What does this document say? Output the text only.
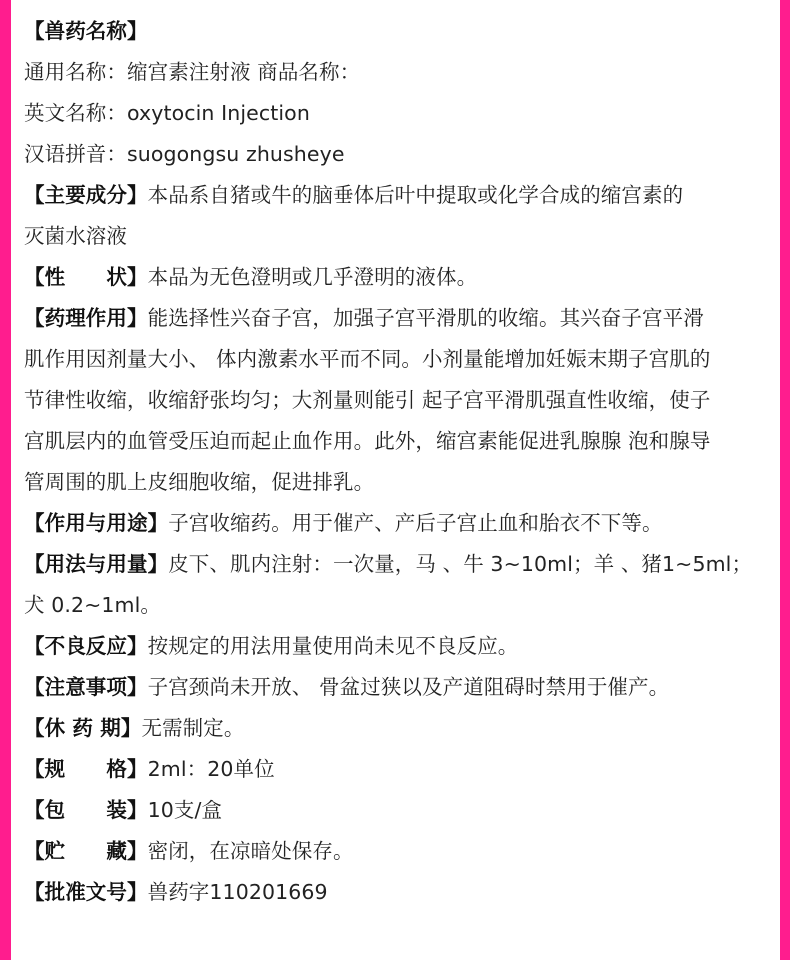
【兽药名称】
通用名称：缩宫素注射液 商品名称：
英文名称：oxytocin Injection
汉语拼音：suogongsu zhusheye
【主要成分】本品系自猪或牛的脑垂体后叶中提取或化学合成的缩宫素的
灭菌水溶液
【性　　状】本品为无色澄明或几乎澄明的液体。
【药理作用】能选择性兴奋子宫，加强子宫平滑肌的收缩。其兴奋子宫平滑
肌作用因剂量大小、 体内激素水平而不同。小剂量能增加妊娠末期子宫肌的
节律性收缩，收缩舒张均匀；大剂量则能引 起子宫平滑肌强直性收缩，使子
宫肌层内的血管受压迫而起止血作用。此外，缩宫素能促进乳腺腺 泡和腺导
管周围的肌上皮细胞收缩，促进排乳。
【作用与用途】子宫收缩药。用于催产、产后子宫止血和胎衣不下等。
【用法与用量】皮下、肌内注射：一次量，马 、牛 3~10ml；羊 、猪1~5ml；
犬 0.2~1ml。
【不良反应】按规定的用法用量使用尚未见不良反应。
【注意事项】子宫颈尚未开放、 骨盆过狭以及产道阻碍时禁用于催产。
【休 药 期】无需制定。
【规　　格】2ml：20单位
【包　　装】10支/盒
【贮　　藏】密闭，在凉暗处保存。
【批准文号】兽药字110201669
